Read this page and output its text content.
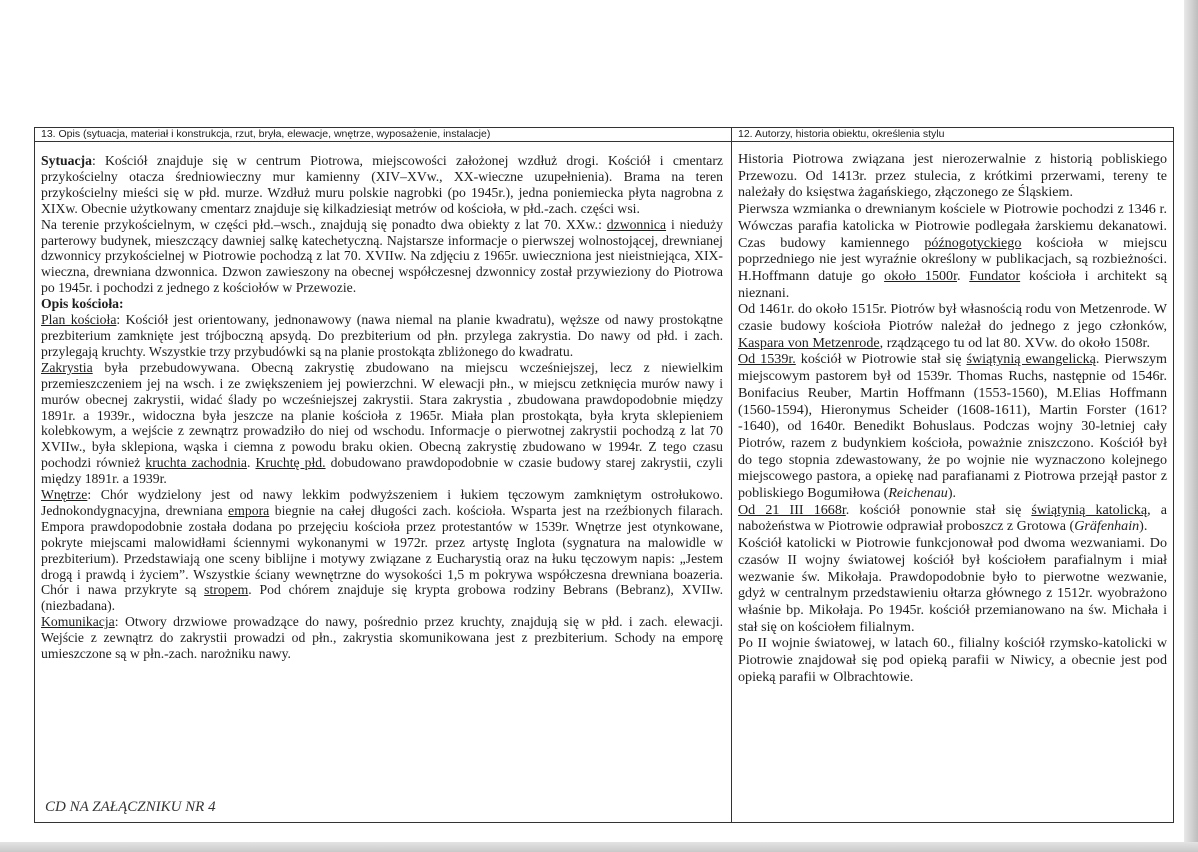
13. Opis (sytuacja, materiał i konstrukcja, rzut, bryła, elewacje, wnętrze, wyposażenie, instalacje)

Sytuacja: Kościół znajduje się w centrum Piotrowa, miejscowości założonej wzdłuż drogi. Kościół i cmentarz przykościelny otacza średniowieczny mur kamienny (XIV–XVw., XX-wieczne uzupełnienia). Brama na teren przykościelny mieści się w płd. murze. Wzdłuż muru polskie nagrobki (po 1945r.), jedna poniemiecka płyta nagrobna z XIXw. Obecnie użytkowany cmentarz znajduje się kilkadziesiąt metrów od kościoła, w płd.-zach. części wsi.

Na terenie przykościelnym, w części płd.–wsch., znajdują się ponadto dwa obiekty z lat 70. XXw.: dzwonnica i nieduży parterowy budynek, mieszczący dawniej salkę katechetyczną. Najstarsze informacje o pierwszej wolnostojącej, drewnianej dzwonnicy przykościelnej w Piotrowie pochodzą z lat 70. XVIIw. Na zdjęciu z 1965r. uwieczniona jest nieistniejąca, XIX-wieczna, drewniana dzwonnica. Dzwon zawieszony na obecnej współczesnej dzwonnicy został przywieziony do Piotrowa po 1945r. i pochodzi z jednego z kościołów w Przewozie.

Opis kościoła:

Plan kościoła: Kościół jest orientowany, jednonawowy (nawa niemal na planie kwadratu), węższe od nawy prostokątne prezbiterium zamknięte jest trójboczną apsydą. Do prezbiterium od płn. przylega zakrystia. Do nawy od płd. i zach. przylegają kruchty. Wszystkie trzy przybudówki są na planie prostokąta zbliżonego do kwadratu.

Zakrystia była przebudowywana. Obecną zakrystię zbudowano na miejscu wcześniejszej, lecz z niewielkim przemieszczeniem jej na wsch. i ze zwiększeniem jej powierzchni. W elewacji płn., w miejscu zetknięcia murów nawy i murów obecnej zakrystii, widać ślady po wcześniejszej zakrystii. Stara zakrystia , zbudowana prawdopodobnie między 1891r. a 1939r., widoczna była jeszcze na planie kościoła z 1965r. Miała plan prostokąta, była kryta sklepieniem kolebkowym, a wejście z zewnątrz prowadziło do niej od wschodu. Informacje o pierwotnej zakrystii pochodzą z lat 70 XVIIw., była sklepiona, wąska i ciemna z powodu braku okien. Obecną zakrystię zbudowano w 1994r. Z tego czasu pochodzi również kruchta zachodnia. Kruchtę płd. dobudowano prawdopodobnie w czasie budowy starej zakrystii, czyli między 1891r. a 1939r.

Wnętrze: Chór wydzielony jest od nawy lekkim podwyższeniem i łukiem tęczowym zamkniętym ostrołukowo. Jednokondygnacyjna, drewniana empora biegnie na całej długości zach. kościoła. Wsparta jest na rzeźbionych filarach. Empora prawdopodobnie została dodana po przejęciu kościoła przez protestantów w 1539r. Wnętrze jest otynkowane, pokryte miejscami malowidłami ściennymi wykonanymi w 1972r. przez artystę Inglota (sygnatura na malowidle w prezbiterium). Przedstawiają one sceny biblijne i motywy związane z Eucharystią oraz na łuku tęczowym napis: „Jestem drogą i prawdą i życiem”. Wszystkie ściany wewnętrzne do wysokości 1,5 m pokrywa współczesna drewniana boazeria. Chór i nawa przykryte są stropem. Pod chórem znajduje się krypta grobowa rodziny Bebrans (Bebranz), XVIIw. (niezbadana).

Komunikacja: Otwory drzwiowe prowadzące do nawy, pośrednio przez kruchty, znajdują się w płd. i zach. elewacji. Wejście z zewnątrz do zakrystii prowadzi od płn., zakrystia skomunikowana jest z prezbiterium. Schody na emporę umieszczone są w płn.-zach. narożniku nawy.

CD NA ZAŁĄCZNIKU NR 4
12. Autorzy, historia obiektu, określenia stylu

Historia Piotrowa związana jest nierozerwalnie z historią pobliskiego Przewozu. Od 1413r. przez stulecia, z krótkimi przerwami, tereny te należały do księstwa żagańskiego, złączonego ze Śląskiem.

Pierwsza wzmianka o drewnianym kościele w Piotrowie pochodzi z 1346 r. Wówczas parafia katolicka w Piotrowie podlegała żarskiemu dekanatowi. Czas budowy kamiennego późnogotyckiego kościoła w miejscu poprzedniego nie jest wyraźnie określony w publikacjach, są rozbieżności. H.Hoffmann datuje go około 1500r. Fundator kościoła i architekt są nieznani.

Od 1461r. do około 1515r. Piotrów był własnością rodu von Metzenrode. W czasie budowy kościoła Piotrów należał do jednego z jego członków, Kaspara von Metzenrode, rządzącego tu od lat 80. XVw. do około 1508r.

Od 1539r. kościół w Piotrowie stał się świątynią ewangelicką. Pierwszym miejscowym pastorem był od 1539r. Thomas Ruchs, następnie od 1546r. Bonifacius Reuber, Martin Hoffmann (1553-1560), M.Elias Hoffmann (1560-1594), Hieronymus Scheider (1608-1611), Martin Forster (161?-1640), od 1640r. Benedikt Bohuslaus. Podczas wojny 30-letniej cały Piotrów, razem z budynkiem kościoła, poważnie zniszczono. Kościół był do tego stopnia zdewastowany, że po wojnie nie wyznaczono kolejnego miejscowego pastora, a opiekę nad parafianami z Piotrowa przejął pastor z pobliskiego Bogumiłowa (Reichenau).

Od 21 III 1668r. kościół ponownie stał się świątynią katolicką, a nabożeństwa w Piotrowie odprawiał proboszcz z Grotowa (Gräfenhain).

Kościół katolicki w Piotrowie funkcjonował pod dwoma wezwaniami. Do czasów II wojny światowej kościół był kościołem parafialnym i miał wezwanie św. Mikołaja. Prawdopodobnie było to pierwotne wezwanie, gdyż w centralnym przedstawieniu ołtarza głównego z 1512r. wyobrażono właśnie bp. Mikołaja. Po 1945r. kościół przemianowano na św. Michała i stał się on kościołem filialnym.

Po II wojnie światowej, w latach 60., filialny kościół rzymsko-katolicki w Piotrowie znajdował się pod opieką parafii w Niwicy, a obecnie jest pod opieką parafii w Olbrachtowie.
